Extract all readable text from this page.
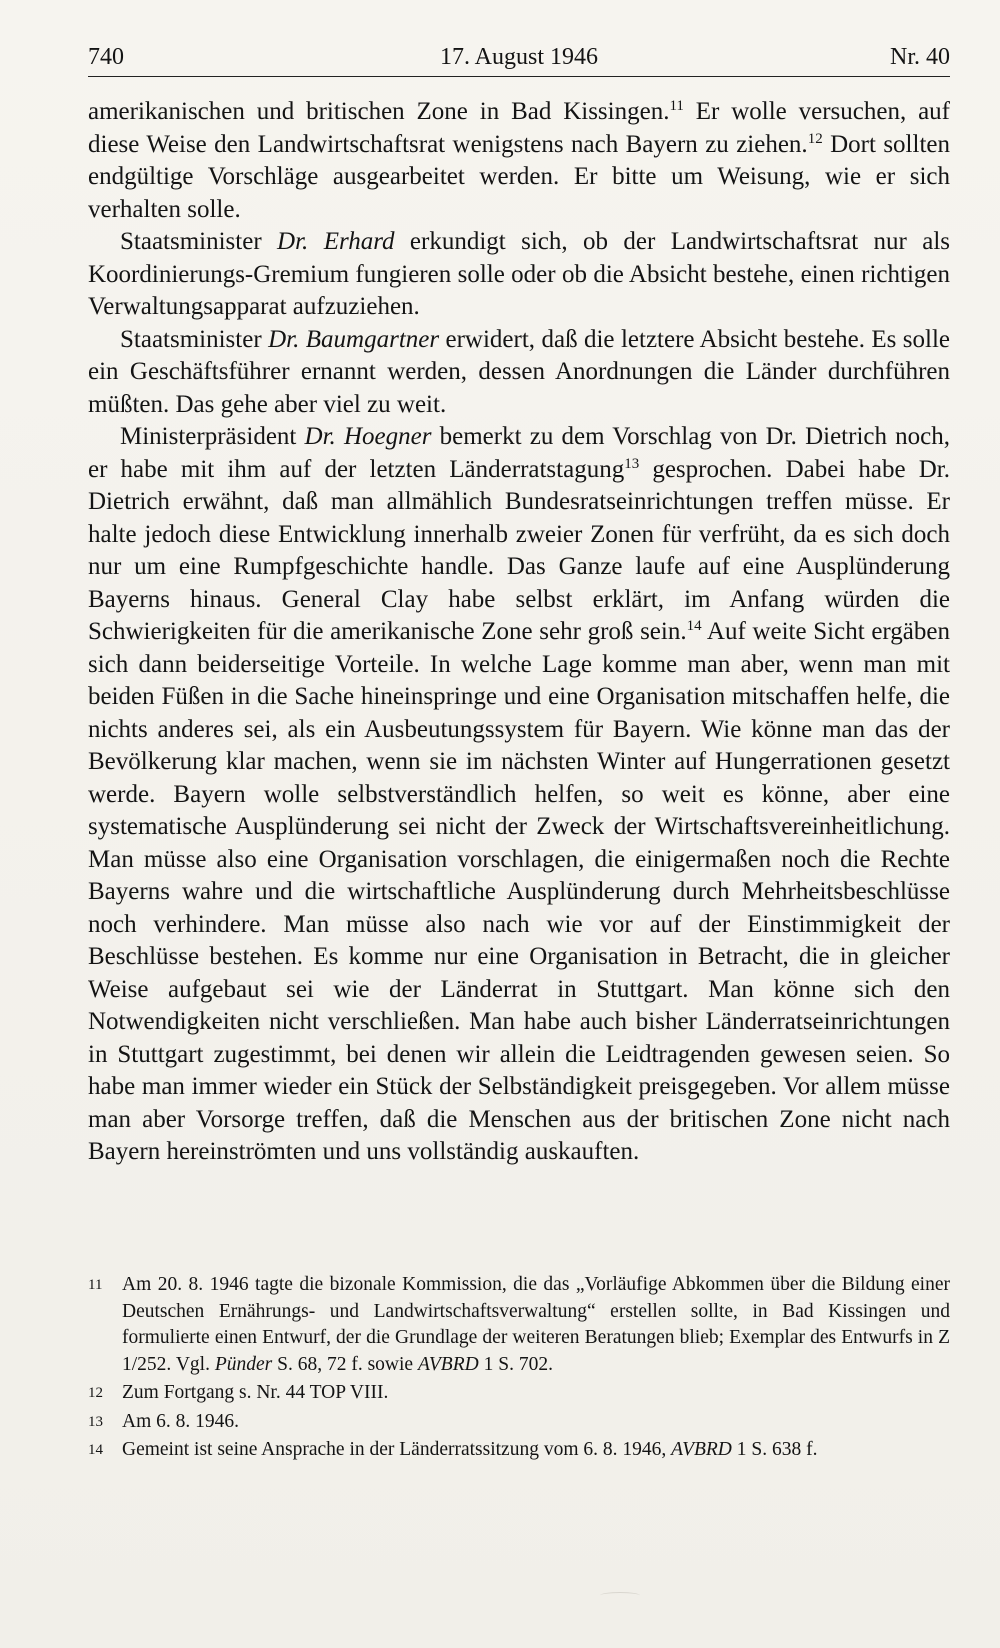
740	17. August 1946	Nr. 40

amerikanischen und britischen Zone in Bad Kissingen.$^{11}$ Er wolle versuchen, auf diese Weise den Landwirtschaftsrat wenigstens nach Bayern zu ziehen.$^{12}$ Dort sollten endgültige Vorschläge ausgearbeitet werden. Er bitte um Weisung, wie er sich verhalten solle.

Staatsminister Dr. Erhard erkundigt sich, ob der Landwirtschaftsrat nur als Koordinierungs-Gremium fungieren solle oder ob die Absicht bestehe, einen richtigen Verwaltungsapparat aufzuziehen.

Staatsminister Dr. Baumgartner erwidert, daß die letztere Absicht bestehe. Es solle ein Geschäftsführer ernannt werden, dessen Anordnungen die Länder durchführen müßten. Das gehe aber viel zu weit.

Ministerpräsident Dr. Hoegner bemerkt zu dem Vorschlag von Dr. Dietrich noch, er habe mit ihm auf der letzten Länderratstagung$^{13}$ gesprochen. Dabei habe Dr. Dietrich erwähnt, daß man allmählich Bundesratseinrichtungen treffen müsse. Er halte jedoch diese Entwicklung innerhalb zweier Zonen für verfrüht, da es sich doch nur um eine Rumpfgeschichte handle. Das Ganze laufe auf eine Ausplünderung Bayerns hinaus. General Clay habe selbst erklärt, im Anfang würden die Schwierigkeiten für die amerikanische Zone sehr groß sein.$^{14}$ Auf weite Sicht ergäben sich dann beiderseitige Vorteile. In welche Lage komme man aber, wenn man mit beiden Füßen in die Sache hineinspringe und eine Organisation mitschaffen helfe, die nichts anderes sei, als ein Ausbeutungssystem für Bayern. Wie könne man das der Bevölkerung klar machen, wenn sie im nächsten Winter auf Hungerrationen gesetzt werde. Bayern wolle selbstverständlich helfen, so weit es könne, aber eine systematische Ausplünderung sei nicht der Zweck der Wirtschaftsvereinheitlichung. Man müsse also eine Organisation vorschlagen, die einigermaßen noch die Rechte Bayerns wahre und die wirtschaftliche Ausplünderung durch Mehrheitsbeschlüsse noch verhindere. Man müsse also nach wie vor auf der Einstimmigkeit der Beschlüsse bestehen. Es komme nur eine Organisation in Betracht, die in gleicher Weise aufgebaut sei wie der Länderrat in Stuttgart. Man könne sich den Notwendigkeiten nicht verschließen. Man habe auch bisher Länderratseinrichtungen in Stuttgart zugestimmt, bei denen wir allein die Leidtragenden gewesen seien. So habe man immer wieder ein Stück der Selbständigkeit preisgegeben. Vor allem müsse man aber Vorsorge treffen, daß die Menschen aus der britischen Zone nicht nach Bayern hereinströmten und uns vollständig auskauften.

11 Am 20. 8. 1946 tagte die bizonale Kommission, die das „Vorläufige Abkommen über die Bildung einer Deutschen Ernährungs- und Landwirtschaftsverwaltung“ erstellen sollte, in Bad Kissingen und formulierte einen Entwurf, der die Grundlage der weiteren Beratungen blieb; Exemplar des Entwurfs in Z 1/252. Vgl. Pünder S. 68, 72 f. sowie AVBRD 1 S. 702.

12 Zum Fortgang s. Nr. 44 TOP VIII.

13 Am 6. 8. 1946.

14 Gemeint ist seine Ansprache in der Länderratssitzung vom 6. 8. 1946, AVBRD 1 S. 638 f.
